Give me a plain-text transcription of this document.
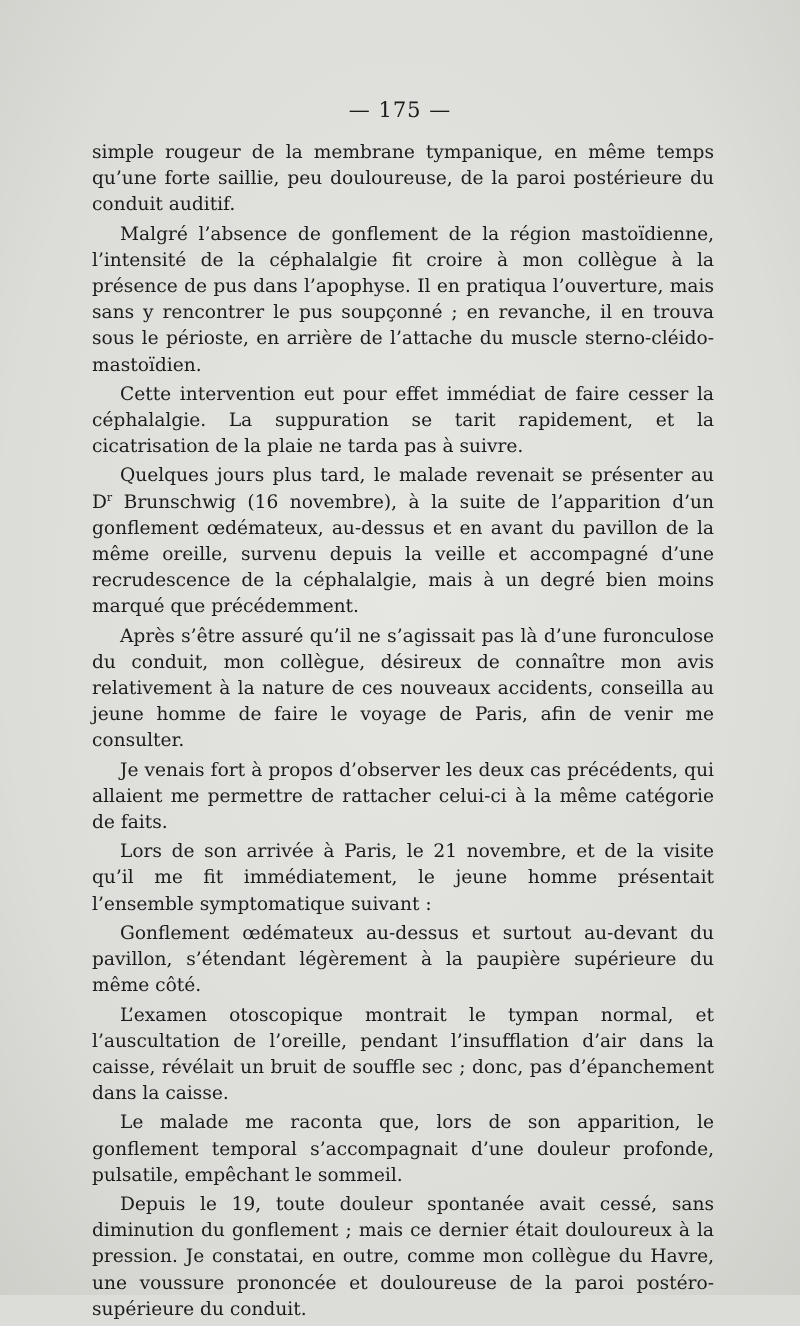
— 175 —

simple rougeur de la membrane tympanique, en même temps qu’une forte saillie, peu douloureuse, de la paroi postérieure du conduit auditif.

Malgré l’absence de gonflement de la région mastoïdienne, l’intensité de la céphalalgie fit croire à mon collègue à la présence de pus dans l’apophyse. Il en pratiqua l’ouverture, mais sans y rencontrer le pus soupçonné ; en revanche, il en trouva sous le périoste, en arrière de l’attache du muscle sterno-cléido-mastoïdien.

Cette intervention eut pour effet immédiat de faire cesser la céphalalgie. La suppuration se tarit rapidement, et la cicatrisation de la plaie ne tarda pas à suivre.

Quelques jours plus tard, le malade revenait se présenter au $D^r$ Brunschwig (16 novembre), à la suite de l’apparition d’un gonflement œdémateux, au-dessus et en avant du pavillon de la même oreille, survenu depuis la veille et accompagné d’une recrudescence de la céphalalgie, mais à un degré bien moins marqué que précédemment.

Après s’être assuré qu’il ne s’agissait pas là d’une furonculose du conduit, mon collègue, désireux de connaître mon avis relativement à la nature de ces nouveaux accidents, conseilla au jeune homme de faire le voyage de Paris, afin de venir me consulter.

Je venais fort à propos d’observer les deux cas précédents, qui allaient me permettre de rattacher celui-ci à la même catégorie de faits.

Lors de son arrivée à Paris, le 21 novembre, et de la visite qu’il me fit immédiatement, le jeune homme présentait l’ensemble symptomatique suivant :

Gonflement œdémateux au-dessus et surtout au-devant du pavillon, s’étendant légèrement à la paupière supérieure du même côté.

L’examen otoscopique montrait le tympan normal, et l’auscultation de l’oreille, pendant l’insufflation d’air dans la caisse, révélait un bruit de souffle sec ; donc, pas d’épanchement dans la caisse.

Le malade me raconta que, lors de son apparition, le gonflement temporal s’accompagnait d’une douleur profonde, pulsatile, empêchant le sommeil.

Depuis le 19, toute douleur spontanée avait cessé, sans diminution du gonflement ; mais ce dernier était douloureux à la pression. Je constatai, en outre, comme mon collègue du Havre, une voussure prononcée et douloureuse de la paroi postéro-supérieure du conduit.
